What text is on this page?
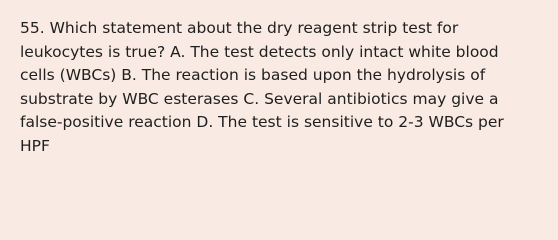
55. Which statement about the dry reagent strip test for
leukocytes is true? A. The test detects only intact white blood
cells (WBCs) B. The reaction is based upon the hydrolysis of
substrate by WBC esterases C. Several antibiotics may give a
false-positive reaction D. The test is sensitive to 2-3 WBCs per
HPF
